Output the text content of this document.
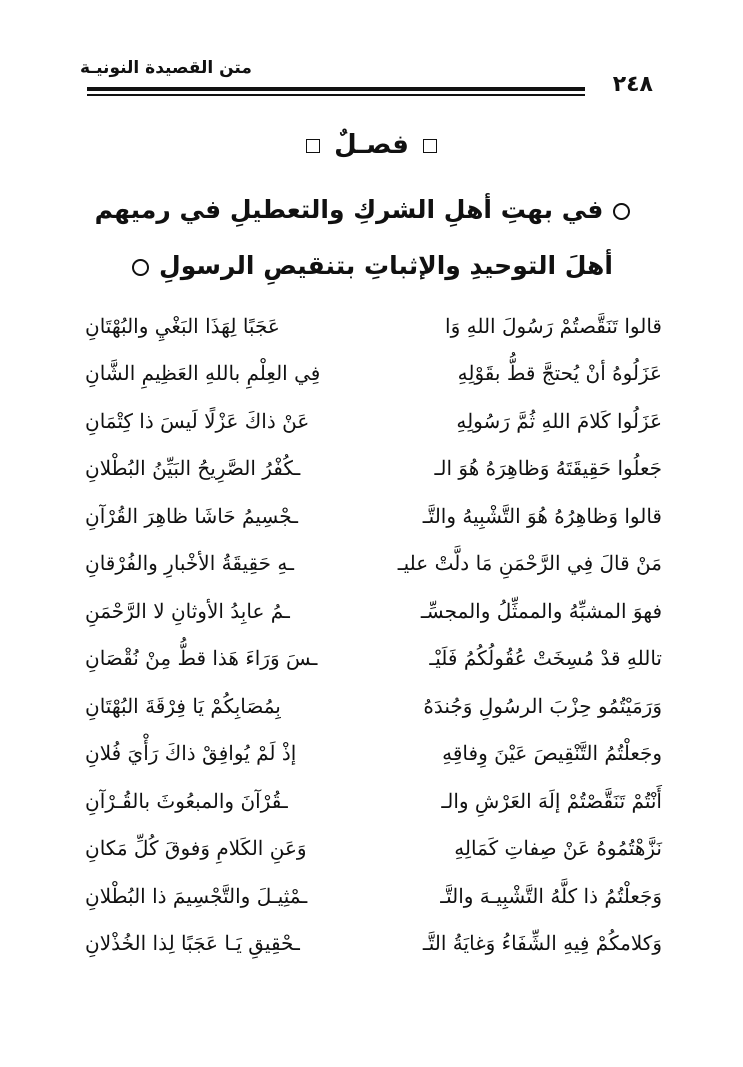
متن القصيدة النونيـة
٢٤٨
فصـلٌ
في بهتِ أهلِ الشركِ والتعطيلِ في رميهم أهلَ التوحيدِ والإثباتِ بتنقيصِ الرسولِ
قالوا تَنَقَّصتُمْ رَسُولَ اللهِ وَا
عَجَبًا لِهَذَا البَغْيِ والبُهْتَانِ
عَزَلُوهُ أنْ يُحتجَّ قطُّ بقَوْلِهِ
فِي العِلْمِ باللهِ العَظِيمِ الشَّانِ
عَزَلُوا كَلامَ اللهِ ثُمَّ رَسُولِهِ
عَنْ ذاكَ عَزْلًا لَيسَ ذا كِتْمَانِ
جَعلُوا حَقِيقَتَهُ وَظاهِرَهُ هُوَ الـ
ـكُفْرُ الصَّرِيحُ البَيِّنُ البُطْلانِ
قالوا وَظاهِرُهُ هُوَ التَّشْبِيهُ والتَّـ
ـجْسِيمُ حَاشَا ظاهِرَ القُرْآنِ
مَنْ قالَ فِي الرَّحْمَنِ مَا دلَّتْ عليـ
ـهِ حَقِيقَةُ الأخْبارِ والفُرْقانِ
فهوَ المشبِّهُ والممثِّلُ والمجسِّـ
ـمُ عابِدُ الأوثانِ لا الرَّحْمَنِ
تاللهِ قدْ مُسِخَتْ عُقُولُكُمُ فَلَيْـ
ـسَ وَرَاءَ هَذا قطُّ مِنْ نُقْصَانِ
وَرَمَيْتُمُو حِزْبَ الرسُولِ وَجُندَهُ
بِمُصَابِكُمْ يَا فِرْقَةَ البُهْتَانِ
وجَعلْتُمُ التَّنْقِيصَ عَيْنَ وِفاقِهِ
إذْ لَمْ يُوافِقْ ذاكَ رَأْيَ فُلانِ
أَنْتُمْ تَنَقَّصْتُمْ إلَهَ العَرْشِ والـ
ـقُرْآنَ والمبعُوثَ بالقُـرْآنِ
نَزَّهْتُمُوهُ عَنْ صِفاتِ كَمَالِهِ
وَعَنِ الكَلامِ وَفوقَ كُلِّ مَكانِ
وَجَعلْتُمُ ذا كلَّهُ التَّشْبِيـهَ والتَّـ
ـمْثِيـلَ والتَّجْسِيمَ ذا البُطْلانِ
وَكلامكُمْ فِيهِ الشِّفَاءُ وَغايَةُ التَّـ
ـحْقِيقِ يَـا عَجَبًا لِذا الخُذْلانِ
